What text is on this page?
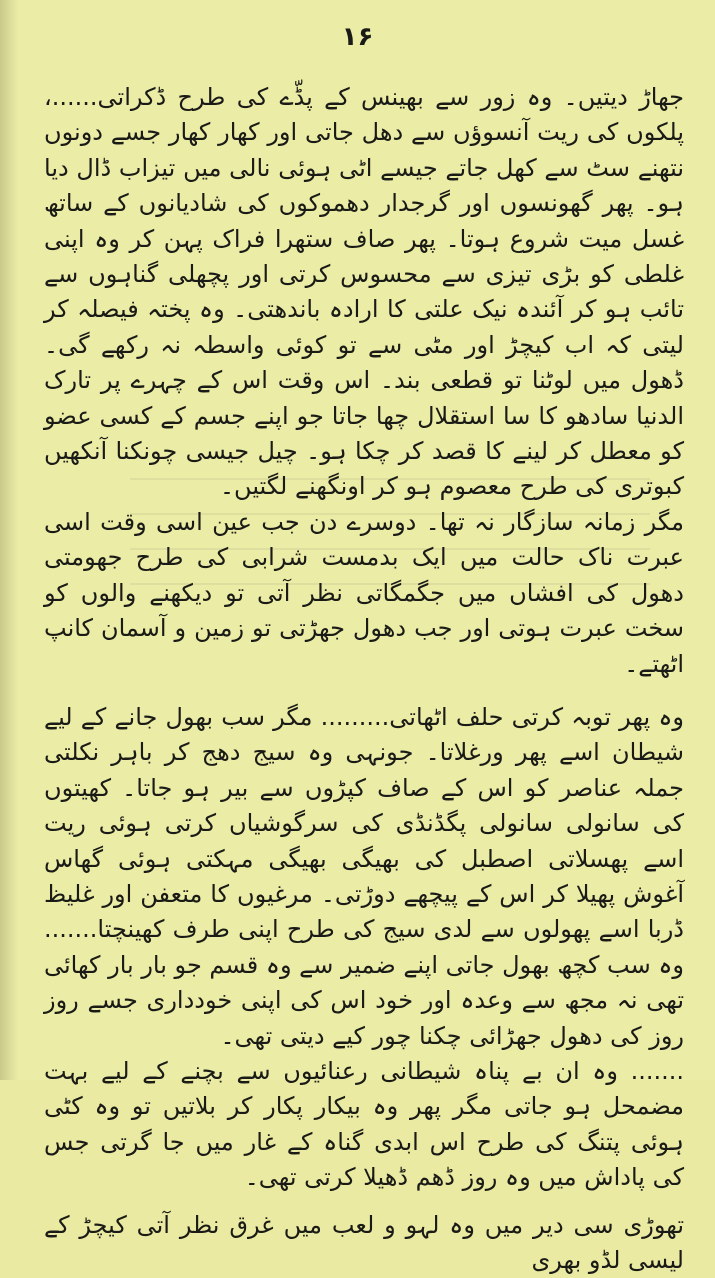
۱۶

جھاڑ دیتیں۔ وہ زور سے بھینس کے پڈّے کی طرح ڈکراتی......، پلکوں کی ریت آنسوؤں سے دھل جاتی اور کھار کھار جسے دونوں نتھنے سٹ سے کھل جاتے جیسے اٹی ہوئی نالی میں تیزاب ڈال دیا ہو۔ پھر گھونسوں اور گرجدار دھموکوں کی شادیانوں کے ساتھ غسل میت شروع ہوتا۔ پھر صاف ستھرا فراک پہن کر وہ اپنی غلطی کو بڑی تیزی سے محسوس کرتی اور پچھلی گناہوں سے تائب ہو کر آئندہ نیک علتی کا ارادہ باندھتی۔ وہ پختہ فیصلہ کر لیتی کہ اب کیچڑ اور مٹی سے تو کوئی واسطہ نہ رکھے گی۔ ڈھول میں لوٹنا تو قطعی بند۔ اس وقت اس کے چہرے پر تارک الدنیا سادھو کا سا استقلال چھا جاتا جو اپنے جسم کے کسی عضو کو معطل کر لینے کا قصد کر چکا ہو۔ چیل جیسی چونکنا آنکھیں کبوتری کی طرح معصوم ہو کر اونگھنے لگتیں۔

مگر زمانہ سازگار نہ تھا۔ دوسرے دن جب عین اسی وقت اسی عبرت ناک حالت میں ایک بدمست شرابی کی طرح جھومتی دھول کی افشاں میں جگمگاتی نظر آتی تو دیکھنے والوں کو سخت عبرت ہوتی اور جب دھول جھڑتی تو زمین و آسمان کانپ اٹھتے۔

وہ پھر توبہ کرتی حلف اٹھاتی......... مگر سب بھول جانے کے لیے شیطان اسے پھر ورغلاتا۔ جونہی وہ سیج دھج کر باہر نکلتی جملہ عناصر کو اس کے صاف کپڑوں سے بیر ہو جاتا۔ کھیتوں کی سانولی سانولی پگڈنڈی کی سرگوشیاں کرتی ہوئی ریت اسے پھسلاتی اصطبل کی بھیگی بھیگی مہکتی ہوئی گھاس آغوش پھیلا کر اس کے پیچھے دوڑتی۔ مرغیوں کا متعفن اور غلیظ ڈربا اسے پھولوں سے لدی سیج کی طرح اپنی طرف کھینچتا....... وہ سب کچھ بھول جاتی اپنے ضمیر سے وہ قسم جو بار بار کھائی تھی نہ مجھ سے وعدہ اور خود اس کی اپنی خودداری جسے روز روز کی دھول جھڑائی چکنا چور کیے دیتی تھی۔

....... وہ ان بے پناہ شیطانی رعنائیوں سے بچنے کے لیے بہت مضمحل ہو جاتی مگر پھر وہ بیکار پکار کر بلاتیں تو وہ کٹی ہوئی پتنگ کی طرح اس ابدی گناہ کے غار میں جا گرتی جس کی پاداش میں وہ روز ڈھم ڈھیلا کرتی تھی۔

تھوڑی سی دیر میں وہ لہو و لعب میں غرق نظر آتی کیچڑ کے لیسی لڈو بھری
